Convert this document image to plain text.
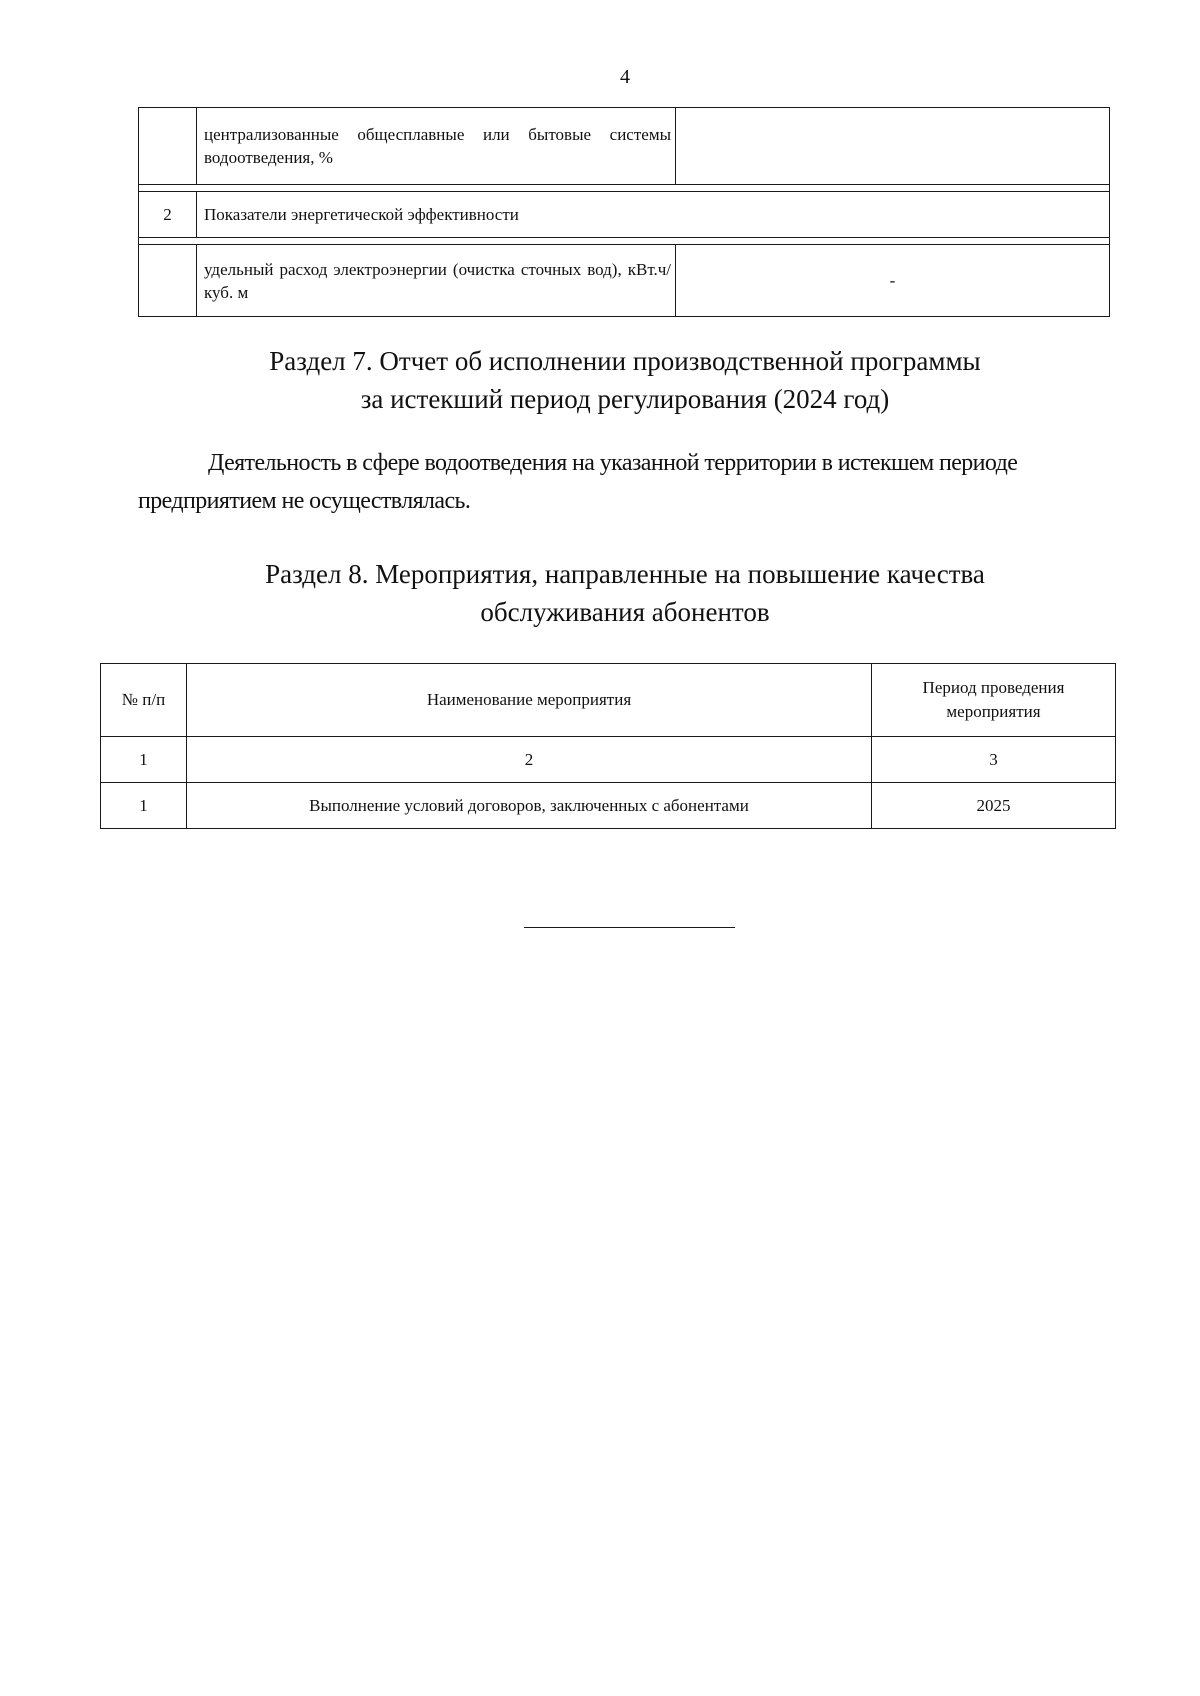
4
	централизованные общесплавные или бытовые системы водоотведения, %	

2	Показатели энергетической эффективности	

	удельный расход электроэнергии (очистка сточных вод), кВт.ч/куб. м	-
Раздел 7. Отчет об исполнении производственной программы
за истекший период регулирования (2024 год)
Деятельность в сфере водоотведения на указанной территории в истекшем периоде предприятием не осуществлялась.
Раздел 8. Мероприятия, направленные на повышение качества
обслуживания абонентов
№ п/п	Наименование мероприятия	Период проведения мероприятия

1	2	3
1	Выполнение условий договоров, заключенных с абонентами	2025
